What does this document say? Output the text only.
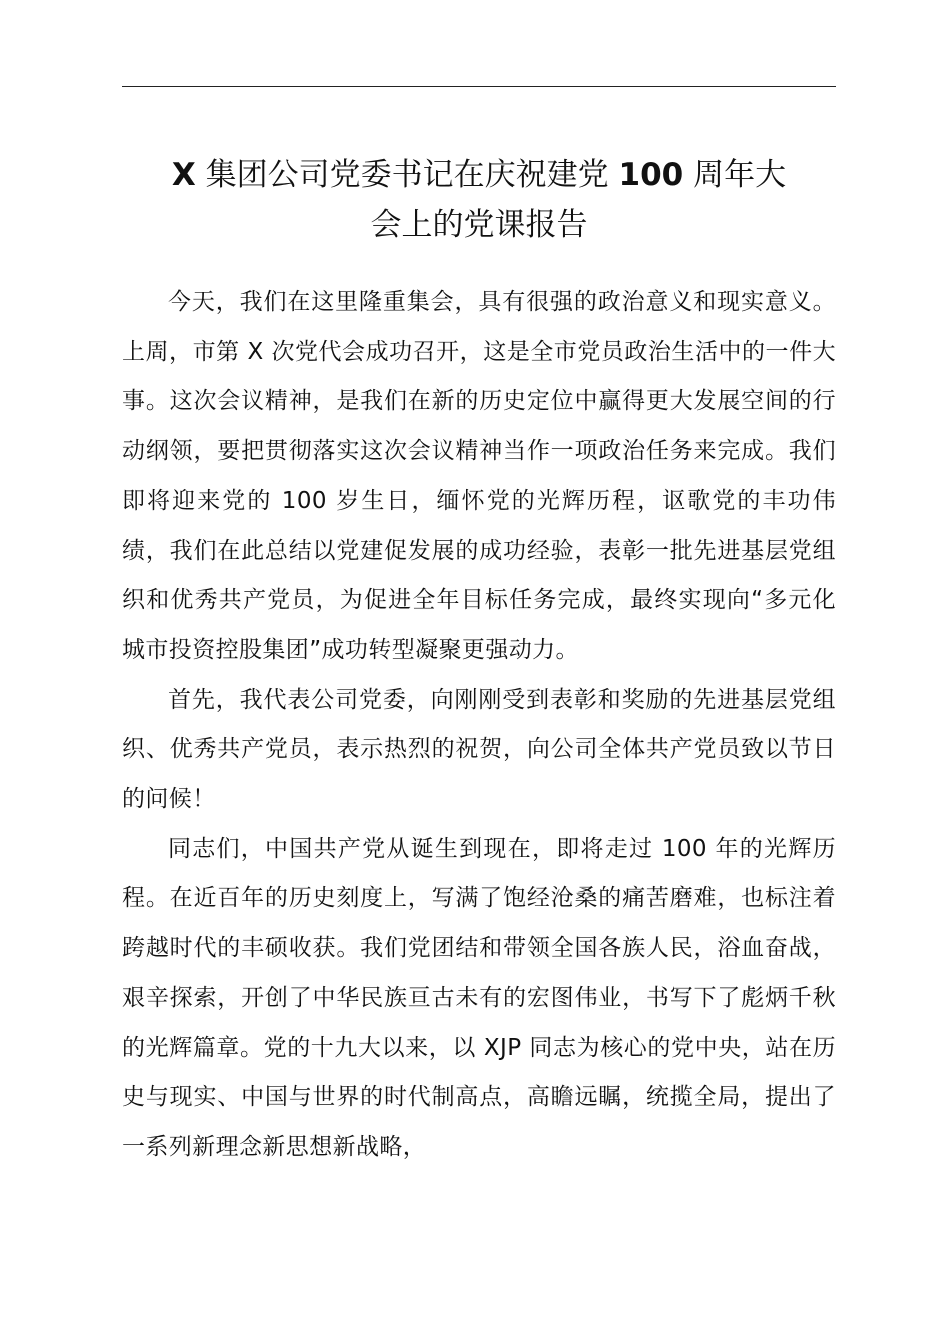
X 集团公司党委书记在庆祝建党 100 周年大
会上的党课报告

今天，我们在这里隆重集会，具有很强的政治意义和现实意义。上周，市第 X 次党代会成功召开，这是全市党员政治生活中的一件大事。这次会议精神，是我们在新的历史定位中赢得更大发展空间的行动纲领，要把贯彻落实这次会议精神当作一项政治任务来完成。我们即将迎来党的 100 岁生日，缅怀党的光辉历程，讴歌党的丰功伟绩，我们在此总结以党建促发展的成功经验，表彰一批先进基层党组织和优秀共产党员，为促进全年目标任务完成，最终实现向“多元化城市投资控股集团”成功转型凝聚更强动力。

首先，我代表公司党委，向刚刚受到表彰和奖励的先进基层党组织、优秀共产党员，表示热烈的祝贺，向公司全体共产党员致以节日的问候！

同志们，中国共产党从诞生到现在，即将走过 100 年的光辉历程。在近百年的历史刻度上，写满了饱经沧桑的痛苦磨难，也标注着跨越时代的丰硕收获。我们党团结和带领全国各族人民，浴血奋战，艰辛探索，开创了中华民族亘古未有的宏图伟业，书写下了彪炳千秋的光辉篇章。党的十九大以来，以 XJP 同志为核心的党中央，站在历史与现实、中国与世界的时代制高点，高瞻远瞩，统揽全局，提出了一系列新理念新思想新战略，
